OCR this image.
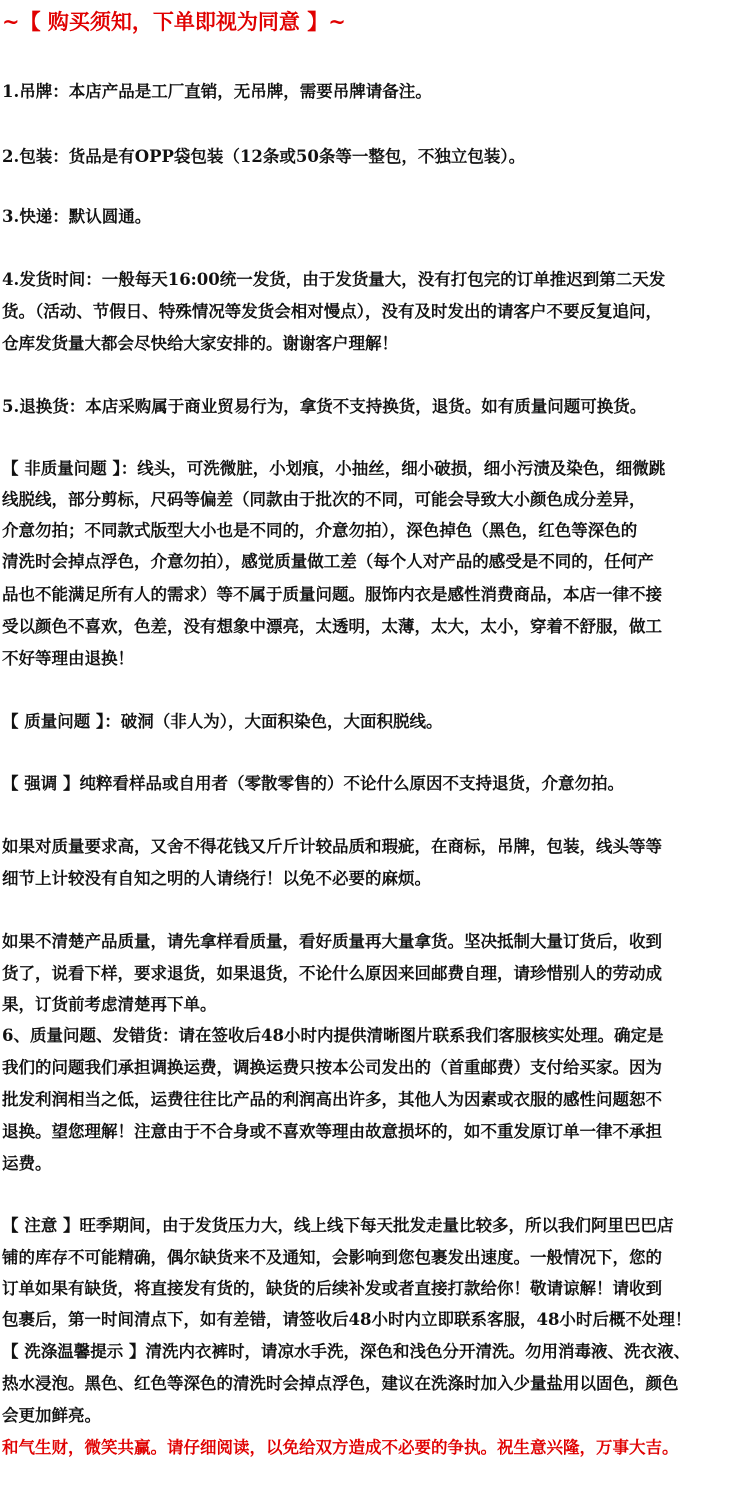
~【 购买须知，下单即视为同意 】~
1.吊牌：本店产品是工厂直销，无吊牌，需要吊牌请备注。
2.包装：货品是有OPP袋包装（12条或50条等一整包，不独立包装）。
3.快递：默认圆通。
4.发货时间：一般每天16:00统一发货，由于发货量大，没有打包完的订单推迟到第二天发
货。（活动、节假日、特殊情况等发货会相对慢点），没有及时发出的请客户不要反复追问，
仓库发货量大都会尽快给大家安排的。谢谢客户理解！
5.退换货：本店采购属于商业贸易行为，拿货不支持换货，退货。如有质量问题可换货。
【 非质量问题 】：线头，可洗微脏，小划痕，小抽丝，细小破损，细小污渍及染色，细微跳
线脱线，部分剪标，尺码等偏差（同款由于批次的不同，可能会导致大小颜色成分差异，
介意勿拍；不同款式版型大小也是不同的，介意勿拍），深色掉色（黑色，红色等深色的
清洗时会掉点浮色，介意勿拍），感觉质量做工差（每个人对产品的感受是不同的，任何产
品也不能满足所有人的需求）等不属于质量问题。服饰内衣是感性消费商品，本店一律不接
受以颜色不喜欢，色差，没有想象中漂亮，太透明，太薄，太大，太小，穿着不舒服，做工
不好等理由退换！
【 质量问题 】：破洞（非人为），大面积染色，大面积脱线。
【 强调 】纯粹看样品或自用者（零散零售的）不论什么原因不支持退货，介意勿拍。
如果对质量要求高，又舍不得花钱又斤斤计较品质和瑕疵，在商标，吊牌，包装，线头等等
细节上计较没有自知之明的人请绕行！以免不必要的麻烦。
如果不清楚产品质量，请先拿样看质量，看好质量再大量拿货。坚决抵制大量订货后，收到
货了，说看下样，要求退货，如果退货，不论什么原因来回邮费自理，请珍惜别人的劳动成
果，订货前考虑清楚再下单。
6、质量问题、发错货：请在签收后48小时内提供清晰图片联系我们客服核实处理。确定是
我们的问题我们承担调换运费，调换运费只按本公司发出的（首重邮费）支付给买家。因为
批发利润相当之低，运费往往比产品的利润高出许多，其他人为因素或衣服的感性问题恕不
退换。望您理解！注意由于不合身或不喜欢等理由故意损坏的，如不重发原订单一律不承担
运费。
【 注意 】旺季期间，由于发货压力大，线上线下每天批发走量比较多，所以我们阿里巴巴店
铺的库存不可能精确，偶尔缺货来不及通知，会影响到您包裹发出速度。一般情况下，您的
订单如果有缺货，将直接发有货的，缺货的后续补发或者直接打款给你！敬请谅解！请收到
包裹后，第一时间清点下，如有差错，请签收后48小时内立即联系客服，48小时后概不处理！
【 洗涤温馨提示 】清洗内衣裤时，请凉水手洗，深色和浅色分开清洗。勿用消毒液、洗衣液、
热水浸泡。黑色、红色等深色的清洗时会掉点浮色，建议在洗涤时加入少量盐用以固色，颜色
会更加鲜亮。
和气生财，微笑共赢。请仔细阅读，以免给双方造成不必要的争执。祝生意兴隆，万事大吉。
